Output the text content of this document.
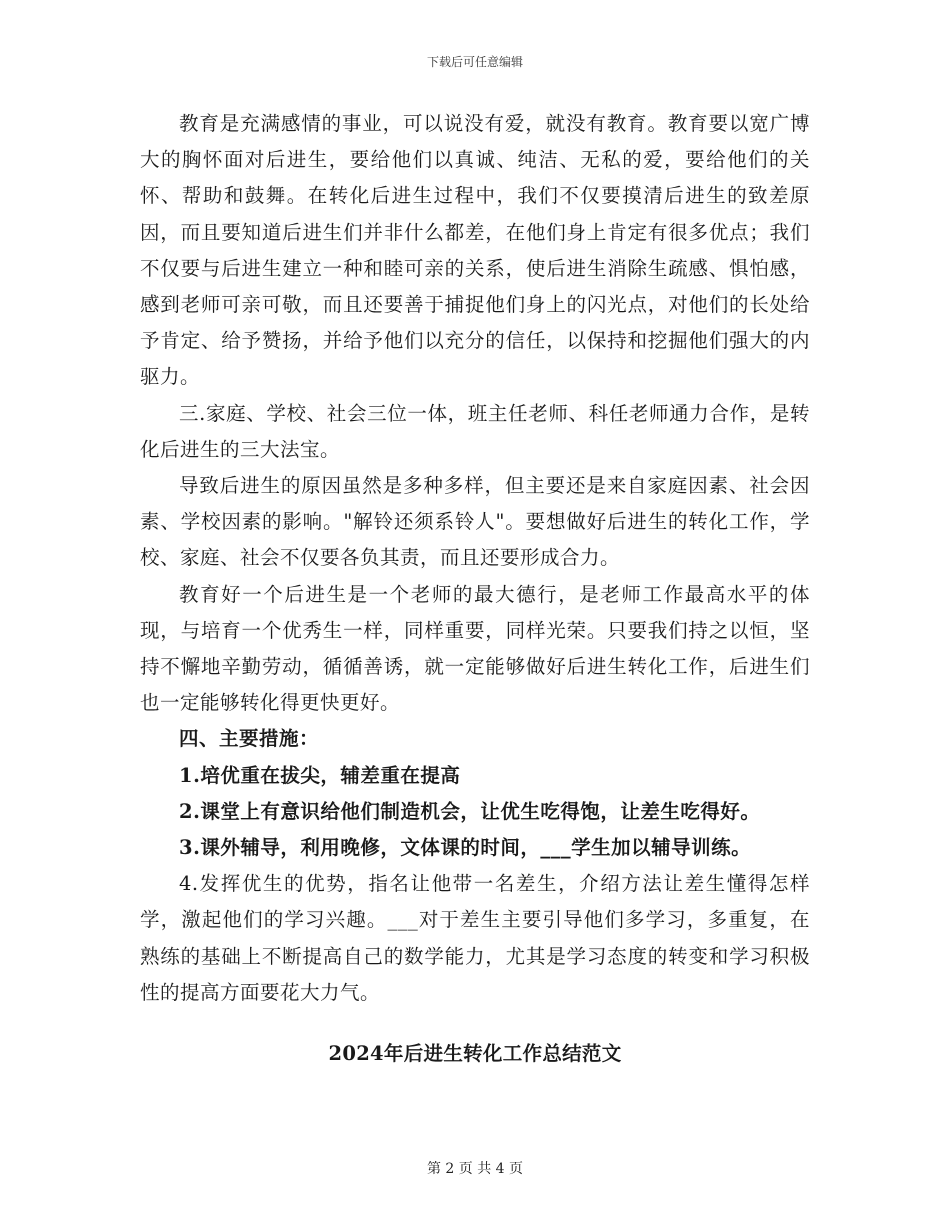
下载后可任意编辑

教育是充满感情的事业，可以说没有爱，就没有教育。教育要以宽广博大的胸怀面对后进生，要给他们以真诚、纯洁、无私的爱，要给他们的关怀、帮助和鼓舞。在转化后进生过程中，我们不仅要摸清后进生的致差原因，而且要知道后进生们并非什么都差，在他们身上肯定有很多优点；我们不仅要与后进生建立一种和睦可亲的关系，使后进生消除生疏感、惧怕感，感到老师可亲可敬，而且还要善于捕捉他们身上的闪光点，对他们的长处给予肯定、给予赞扬，并给予他们以充分的信任，以保持和挖掘他们强大的内驱力。

三.家庭、学校、社会三位一体，班主任老师、科任老师通力合作，是转化后进生的三大法宝。

导致后进生的原因虽然是多种多样，但主要还是来自家庭因素、社会因素、学校因素的影响。"解铃还须系铃人"。要想做好后进生的转化工作，学校、家庭、社会不仅要各负其责，而且还要形成合力。

教育好一个后进生是一个老师的最大德行，是老师工作最高水平的体现，与培育一个优秀生一样，同样重要，同样光荣。只要我们持之以恒，坚持不懈地辛勤劳动，循循善诱，就一定能够做好后进生转化工作，后进生们也一定能够转化得更快更好。

四、主要措施：

1.培优重在拔尖，辅差重在提高

2.课堂上有意识给他们制造机会，让优生吃得饱，让差生吃得好。

3.课外辅导，利用晚修，文体课的时间，___学生加以辅导训练。

4.发挥优生的优势，指名让他带一名差生，介绍方法让差生懂得怎样学，激起他们的学习兴趣。___对于差生主要引导他们多学习，多重复，在熟练的基础上不断提高自己的数学能力，尤其是学习态度的转变和学习积极性的提高方面要花大力气。

2024年后进生转化工作总结范文
第 2 页 共 4 页
